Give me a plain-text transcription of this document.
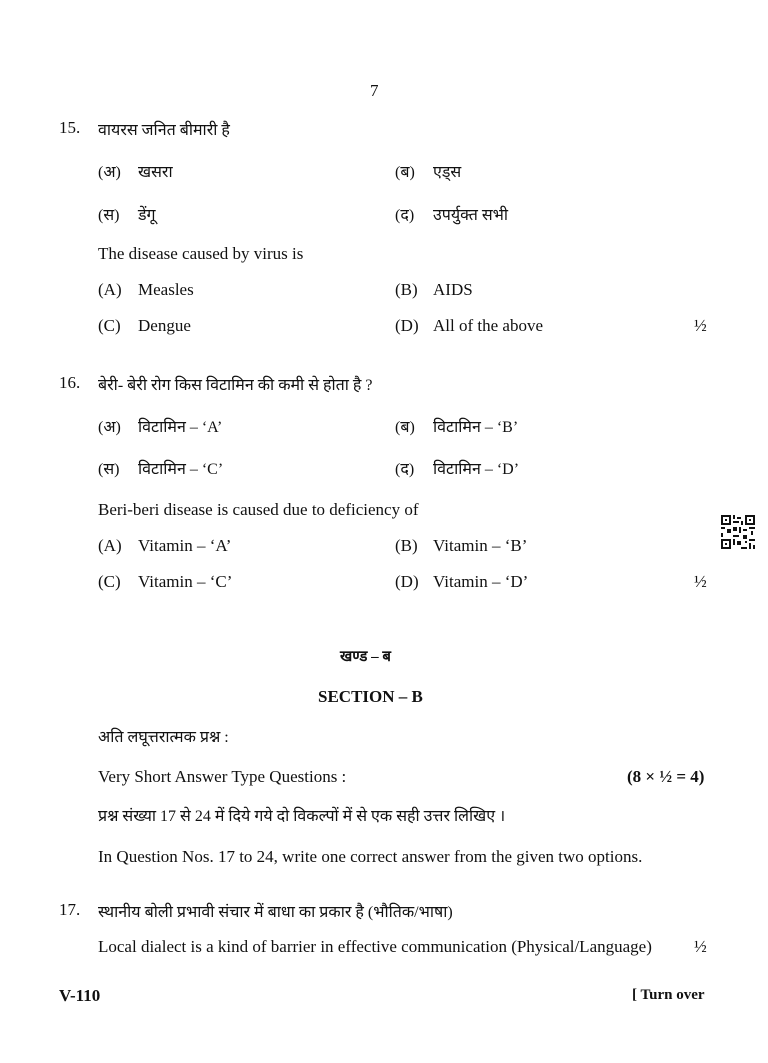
7
15. वायरस जनित बीमारी है
(अ) खसरा	(ब) एड्स
(स) डेंगू	(द) उपर्युक्त सभी
The disease caused by virus is
(A) Measles	(B) AIDS
(C) Dengue	(D) All of the above	½
16. बेरी- बेरी रोग किस विटामिन की कमी से होता है ?
(अ) विटामिन – ‘A’	(ब) विटामिन – ‘B’
(स) विटामिन – ‘C’	(द) विटामिन – ‘D’
Beri-beri disease is caused due to deficiency of
(A) Vitamin – ‘A’	(B) Vitamin – ‘B’
(C) Vitamin – ‘C’	(D) Vitamin – ‘D’	½
खण्ड – ब
SECTION – B
अति लघूत्तरात्मक प्रश्न :
Very Short Answer Type Questions :	(8 × ½ = 4)
प्रश्न संख्या 17 से 24 में दिये गये दो विकल्पों में से एक सही उत्तर लिखिए ।
In Question Nos. 17 to 24, write one correct answer from the given two options.
17. स्थानीय बोली प्रभावी संचार में बाधा का प्रकार है (भौतिक/भाषा)
Local dialect is a kind of barrier in effective communication (Physical/Language) ½
V-110	[ Turn over
